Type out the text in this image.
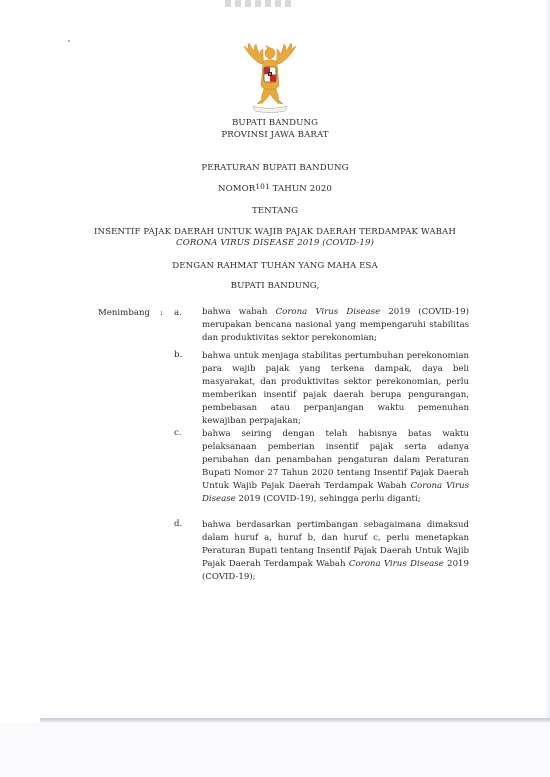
BUPATI BANDUNG
PROVINSI JAWA BARAT
PERATURAN BUPATI BANDUNG
NOMOR101 TAHUN 2020
TENTANG
INSENTIF PAJAK DAERAH UNTUK WAJIB PAJAK DAERAH TERDAMPAK WABAH
CORONA VIRUS DISEASE 2019 (COVID-19)
DENGAN RAHMAT TUHAN YANG MAHA ESA
BUPATI BANDUNG,
Menimbang : a. bahwa wabah Corona Virus Disease 2019 (COVID-19) merupakan bencana nasional yang mempengaruhi stabilitas dan produktivitas sektor perekonomian;
b. bahwa untuk menjaga stabilitas pertumbuhan perekonomian para wajib pajak yang terkena dampak, daya beli masyarakat, dan produktivitas sektor perekonomian, perlu memberikan insentif pajak daerah berupa pengurangan, pembebasan atau perpanjangan waktu pemenuhan kewajiban perpajakan;
c. bahwa seiring dengan telah habisnya batas waktu pelaksanaan pemberian insentif pajak serta adanya perubahan dan penambahan pengaturan dalam Peraturan Bupati Nomor 27 Tahun 2020 tentang Insentif Pajak Daerah Untuk Wajib Pajak Daerah Terdampak Wabah Corona Virus Disease 2019 (COVID-19), sehingga perlu diganti;
d. bahwa berdasarkan pertimbangan sebagaimana dimaksud dalam huruf a, huruf b, dan huruf c, perlu menetapkan Peraturan Bupati tentang Insentif Pajak Daerah Untuk Wajib Pajak Daerah Terdampak Wabah Corona Virus Disease 2019 (COVID-19);
